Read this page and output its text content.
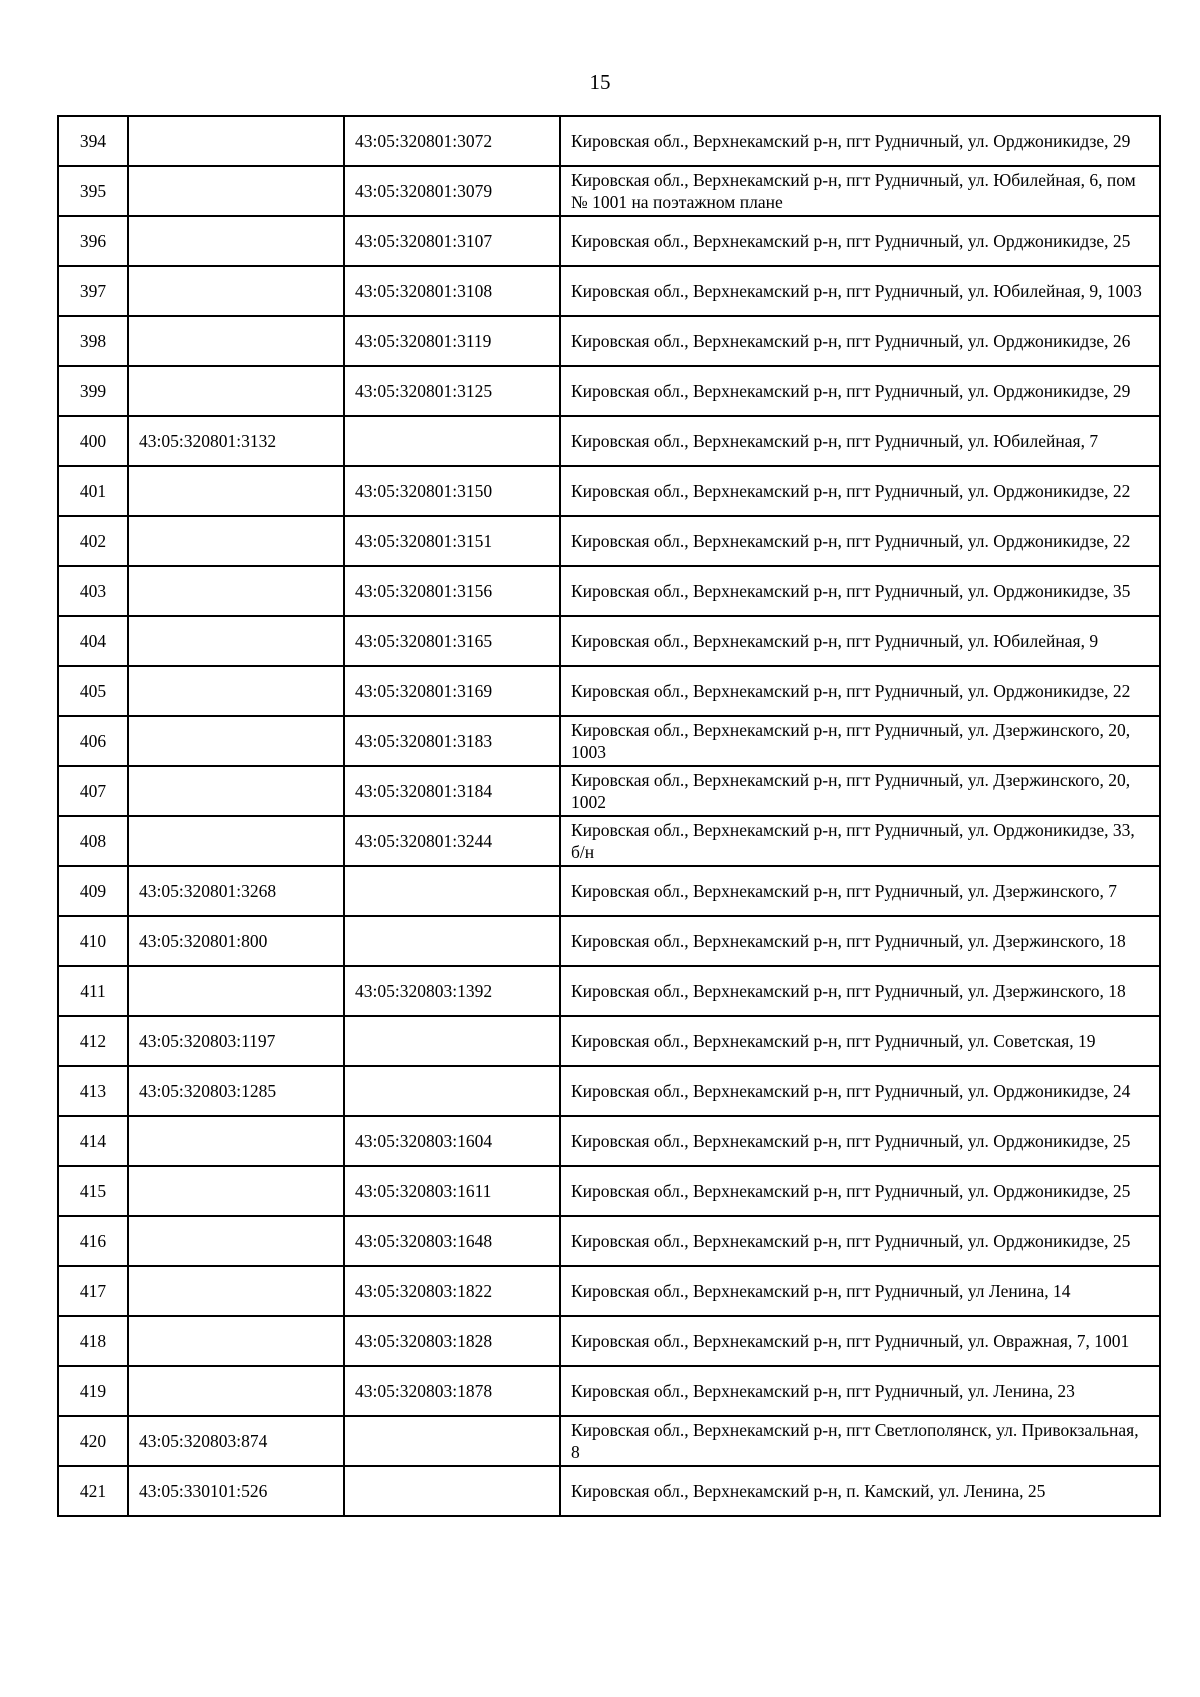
15
394		43:05:320801:3072	Кировская обл., Верхнекамский р-н, пгт Рудничный, ул. Орджоникидзе, 29
395		43:05:320801:3079	Кировская обл., Верхнекамский р-н, пгт Рудничный, ул. Юбилейная, 6, пом № 1001 на поэтажном плане
396		43:05:320801:3107	Кировская обл., Верхнекамский р-н, пгт Рудничный, ул. Орджоникидзе, 25
397		43:05:320801:3108	Кировская обл., Верхнекамский р-н, пгт Рудничный, ул. Юбилейная, 9, 1003
398		43:05:320801:3119	Кировская обл., Верхнекамский р-н, пгт Рудничный, ул. Орджоникидзе, 26
399		43:05:320801:3125	Кировская обл., Верхнекамский р-н, пгт Рудничный, ул. Орджоникидзе, 29
400	43:05:320801:3132		Кировская обл., Верхнекамский р-н, пгт Рудничный, ул. Юбилейная, 7
401		43:05:320801:3150	Кировская обл., Верхнекамский р-н, пгт Рудничный, ул. Орджоникидзе, 22
402		43:05:320801:3151	Кировская обл., Верхнекамский р-н, пгт Рудничный, ул. Орджоникидзе, 22
403		43:05:320801:3156	Кировская обл., Верхнекамский р-н, пгт Рудничный, ул. Орджоникидзе, 35
404		43:05:320801:3165	Кировская обл., Верхнекамский р-н, пгт Рудничный, ул. Юбилейная, 9
405		43:05:320801:3169	Кировская обл., Верхнекамский р-н, пгт Рудничный, ул. Орджоникидзе, 22
406		43:05:320801:3183	Кировская обл., Верхнекамский р-н, пгт Рудничный, ул. Дзержинского, 20, 1003
407		43:05:320801:3184	Кировская обл., Верхнекамский р-н, пгт Рудничный, ул. Дзержинского, 20, 1002
408		43:05:320801:3244	Кировская обл., Верхнекамский р-н, пгт Рудничный, ул. Орджоникидзе, 33, б/н
409	43:05:320801:3268		Кировская обл., Верхнекамский р-н, пгт Рудничный, ул. Дзержинского, 7
410	43:05:320801:800		Кировская обл., Верхнекамский р-н, пгт Рудничный, ул. Дзержинского, 18
411		43:05:320803:1392	Кировская обл., Верхнекамский р-н, пгт Рудничный, ул. Дзержинского, 18
412	43:05:320803:1197		Кировская обл., Верхнекамский р-н, пгт Рудничный, ул. Советская, 19
413	43:05:320803:1285		Кировская обл., Верхнекамский р-н, пгт Рудничный, ул. Орджоникидзе, 24
414		43:05:320803:1604	Кировская обл., Верхнекамский р-н, пгт Рудничный, ул. Орджоникидзе, 25
415		43:05:320803:1611	Кировская обл., Верхнекамский р-н, пгт Рудничный, ул. Орджоникидзе, 25
416		43:05:320803:1648	Кировская обл., Верхнекамский р-н, пгт Рудничный, ул. Орджоникидзе, 25
417		43:05:320803:1822	Кировская обл., Верхнекамский р-н, пгт Рудничный, ул Ленина, 14
418		43:05:320803:1828	Кировская обл., Верхнекамский р-н, пгт Рудничный, ул. Овражная, 7, 1001
419		43:05:320803:1878	Кировская обл., Верхнекамский р-н, пгт Рудничный, ул. Ленина, 23
420	43:05:320803:874		Кировская обл., Верхнекамский р-н, пгт Светлополянск, ул. Привокзальная, 8
421	43:05:330101:526		Кировская обл., Верхнекамский р-н, п. Камский, ул. Ленина, 25
